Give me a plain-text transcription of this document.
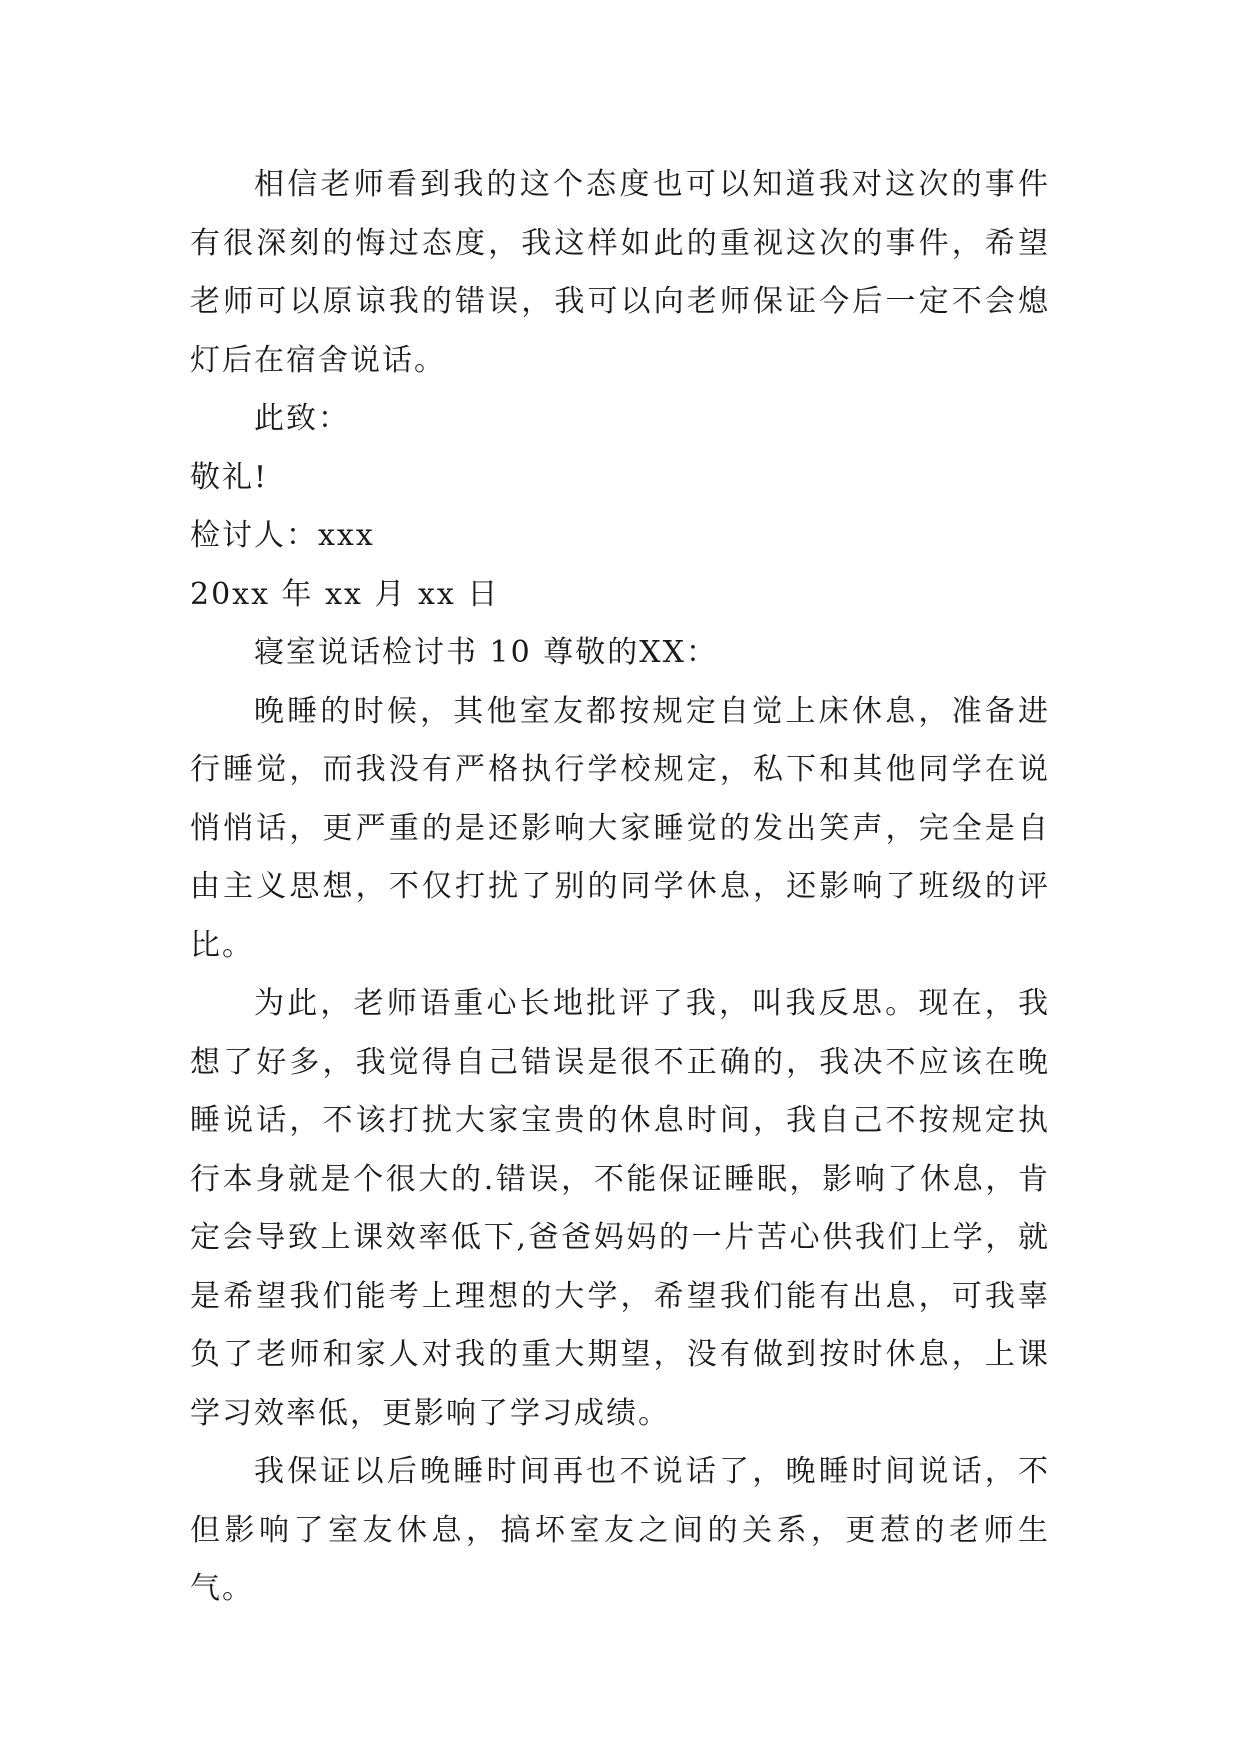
相信老师看到我的这个态度也可以知道我对这次的事件有很深刻的悔过态度，我这样如此的重视这次的事件，希望老师可以原谅我的错误，我可以向老师保证今后一定不会熄灯后在宿舍说话。

此致：

敬礼!

检讨人：xxx

20xx 年 xx 月 xx 日

寝室说话检讨书 10 尊敬的XX：

晚睡的时候，其他室友都按规定自觉上床休息，准备进行睡觉，而我没有严格执行学校规定，私下和其他同学在说悄悄话，更严重的是还影响大家睡觉的发出笑声，完全是自由主义思想，不仅打扰了别的同学休息，还影响了班级的评比。

为此，老师语重心长地批评了我，叫我反思。现在，我想了好多，我觉得自己错误是很不正确的，我决不应该在晚睡说话，不该打扰大家宝贵的休息时间，我自己不按规定执行本身就是个很大的.错误，不能保证睡眠，影响了休息，肯定会导致上课效率低下,爸爸妈妈的一片苦心供我们上学，就是希望我们能考上理想的大学，希望我们能有出息，可我辜负了老师和家人对我的重大期望，没有做到按时休息，上课学习效率低，更影响了学习成绩。

我保证以后晚睡时间再也不说话了，晚睡时间说话，不但影响了室友休息，搞坏室友之间的关系，更惹的老师生气。
